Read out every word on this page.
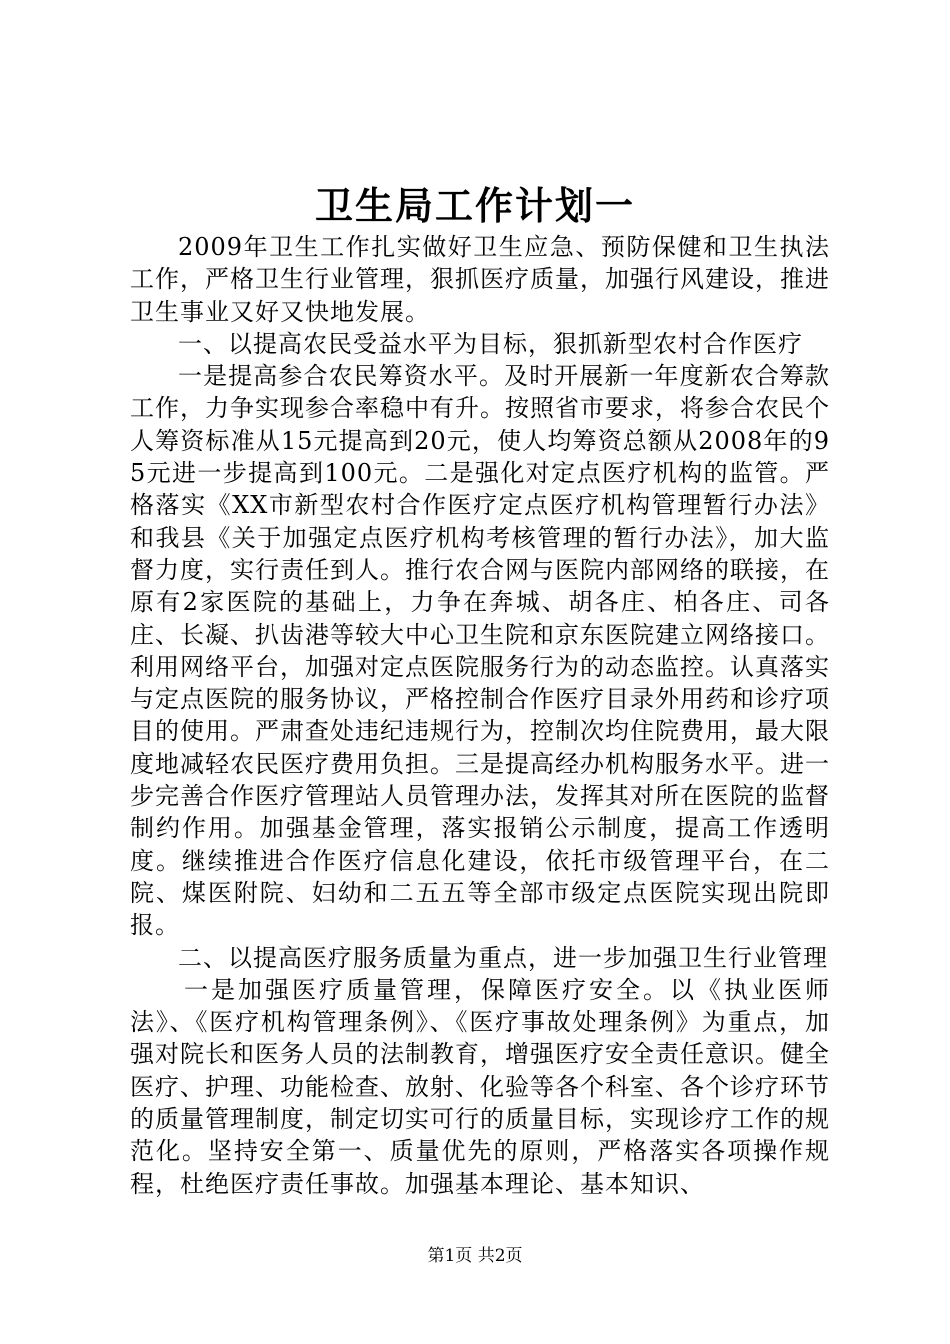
卫生局工作计划一

2009年卫生工作扎实做好卫生应急、预防保健和卫生执法工作，严格卫生行业管理，狠抓医疗质量，加强行风建设，推进卫生事业又好又快地发展。

一、以提高农民受益水平为目标，狠抓新型农村合作医疗

一是提高参合农民筹资水平。及时开展新一年度新农合筹款工作，力争实现参合率稳中有升。按照省市要求，将参合农民个人筹资标准从15元提高到20元，使人均筹资总额从2008年的95元进一步提高到100元。二是强化对定点医疗机构的监管。严格落实《XX市新型农村合作医疗定点医疗机构管理暂行办法》和我县《关于加强定点医疗机构考核管理的暂行办法》，加大监督力度，实行责任到人。推行农合网与医院内部网络的联接，在原有2家医院的基础上，力争在奔城、胡各庄、柏各庄、司各庄、长凝、扒齿港等较大中心卫生院和京东医院建立网络接口。利用网络平台，加强对定点医院服务行为的动态监控。认真落实与定点医院的服务协议，严格控制合作医疗目录外用药和诊疗项目的使用。严肃查处违纪违规行为，控制次均住院费用，最大限度地减轻农民医疗费用负担。三是提高经办机构服务水平。进一步完善合作医疗管理站人员管理办法，发挥其对所在医院的监督制约作用。加强基金管理，落实报销公示制度，提高工作透明度。继续推进合作医疗信息化建设，依托市级管理平台，在二院、煤医附院、妇幼和二五五等全部市级定点医院实现出院即报。

二、以提高医疗服务质量为重点，进一步加强卫生行业管理

一是加强医疗质量管理，保障医疗安全。以《执业医师法》、《医疗机构管理条例》、《医疗事故处理条例》为重点，加强对院长和医务人员的法制教育，增强医疗安全责任意识。健全医疗、护理、功能检查、放射、化验等各个科室、各个诊疗环节的质量管理制度，制定切实可行的质量目标，实现诊疗工作的规范化。坚持安全第一、质量优先的原则，严格落实各项操作规程，杜绝医疗责任事故。加强基本理论、基本知识、

第1页 共2页
